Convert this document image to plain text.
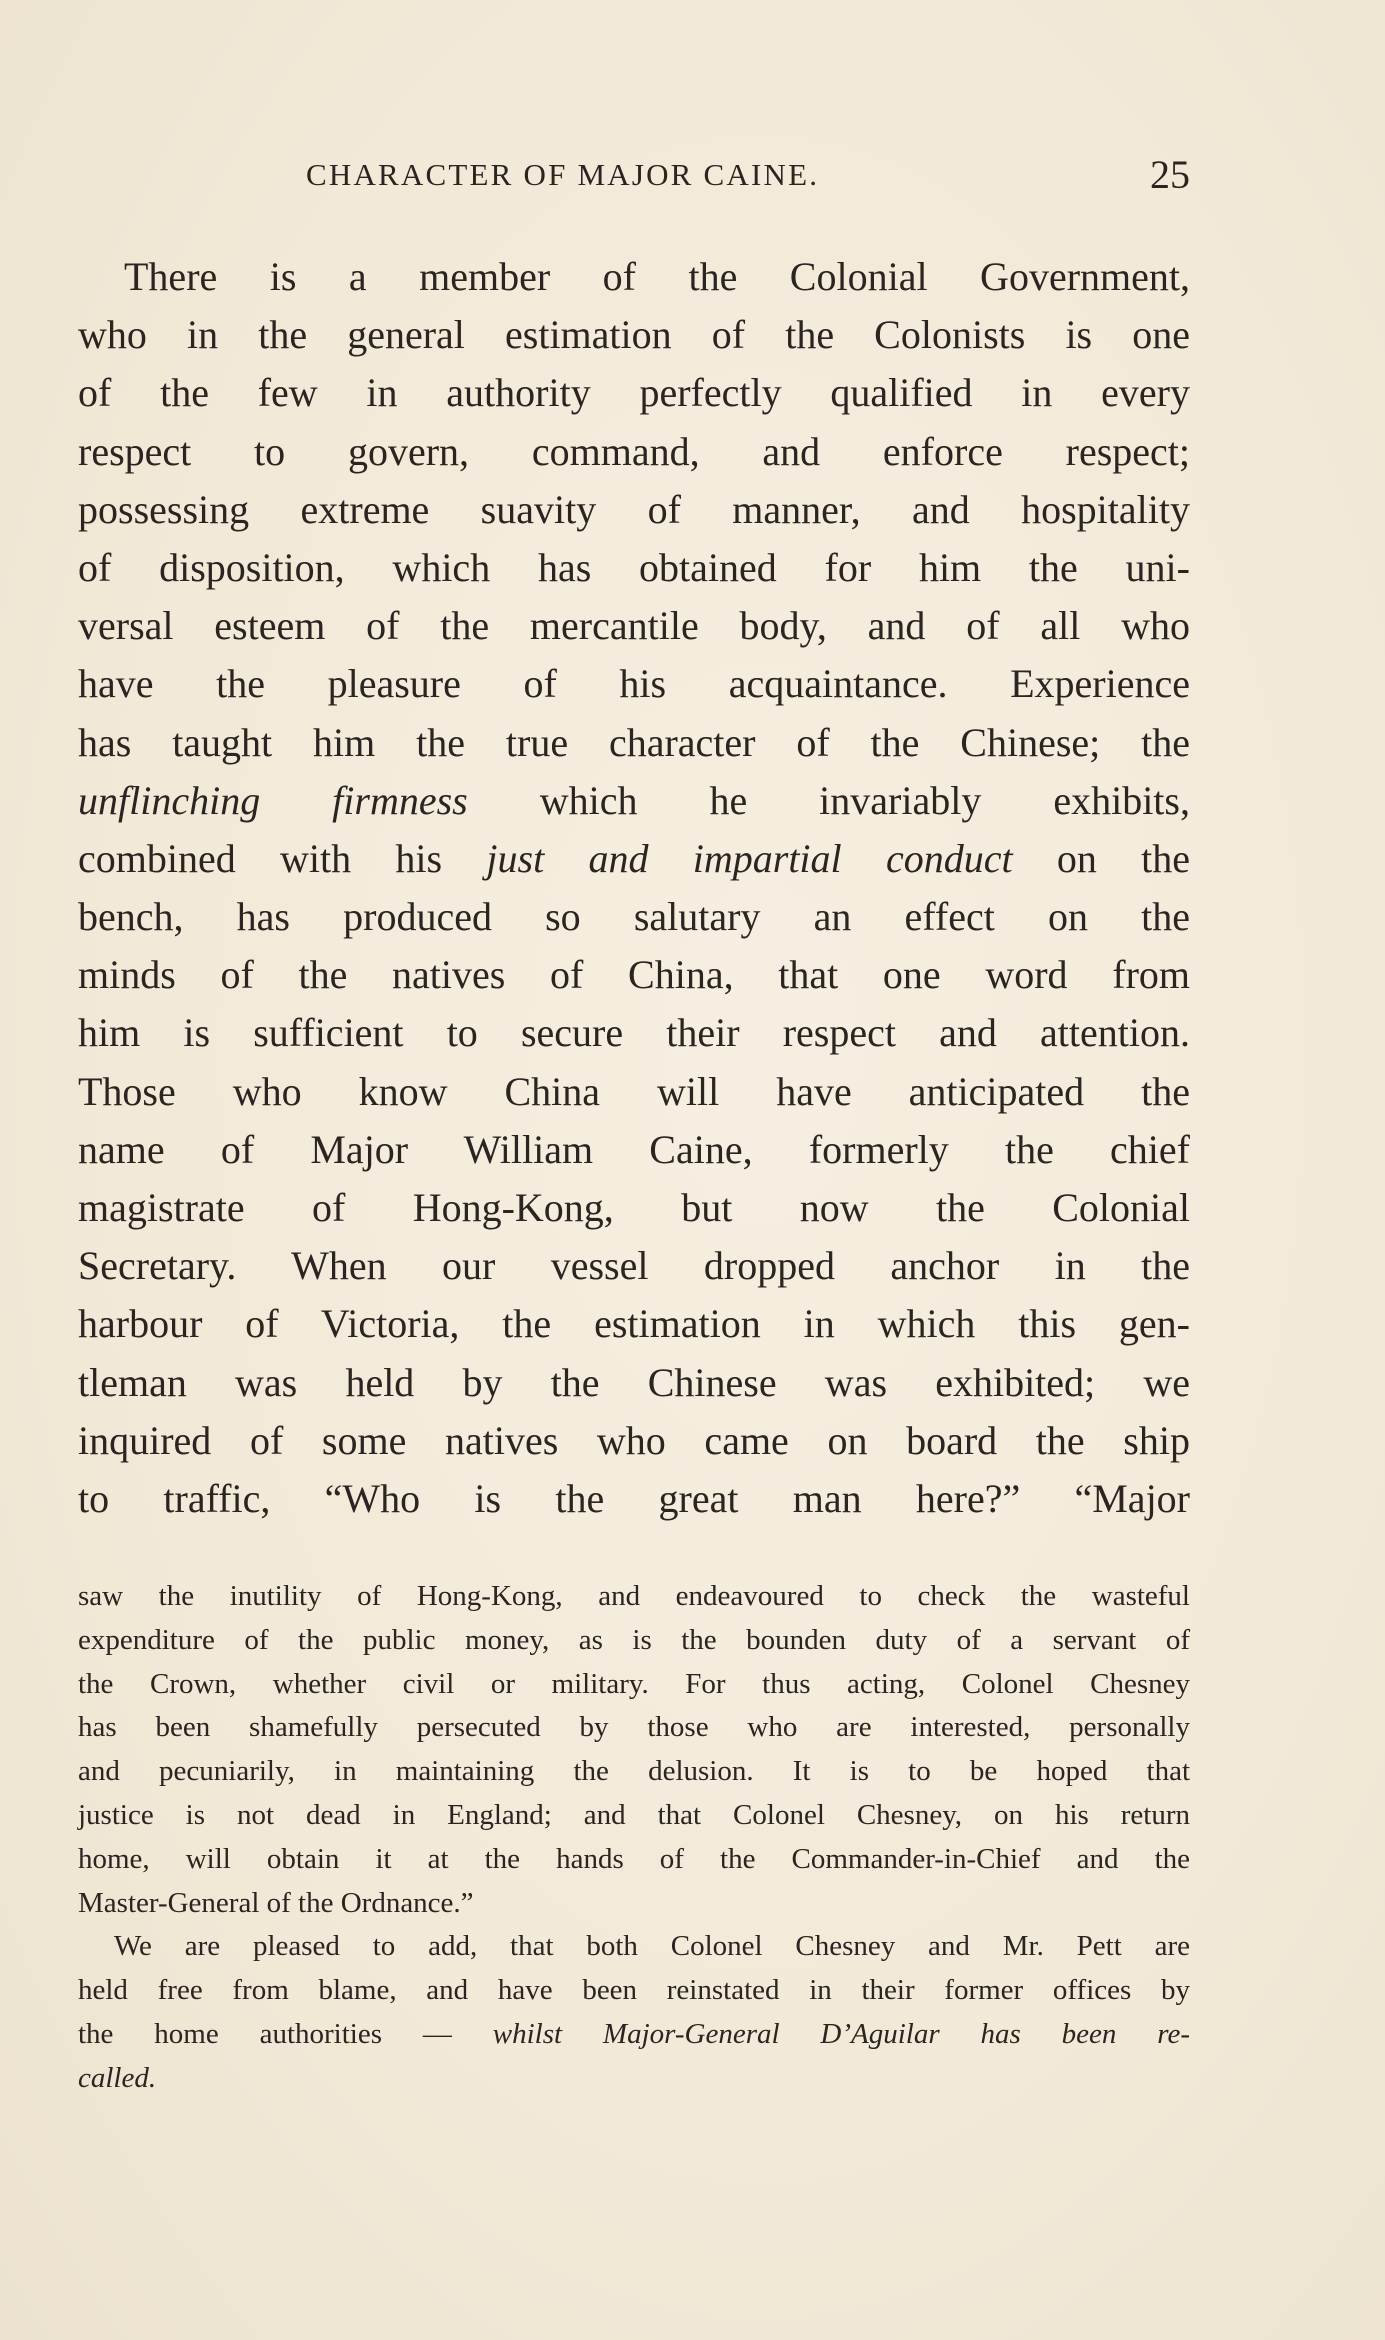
CHARACTER OF MAJOR CAINE.	25
There is a member of the Colonial Government,
who in the general estimation of the Colonists is one
of the few in authority perfectly qualified in every
respect to govern, command, and enforce respect;
possessing extreme suavity of manner, and hospitality
of disposition, which has obtained for him the uni-
versal esteem of the mercantile body, and of all who
have the pleasure of his acquaintance. Experience
has taught him the true character of the Chinese; the
unflinching firmness which he invariably exhibits,
combined with his just and impartial conduct on the
bench, has produced so salutary an effect on the
minds of the natives of China, that one word from
him is sufficient to secure their respect and attention.
Those who know China will have anticipated the
name of Major William Caine, formerly the chief
magistrate of Hong-Kong, but now the Colonial
Secretary. When our vessel dropped anchor in the
harbour of Victoria, the estimation in which this gen-
tleman was held by the Chinese was exhibited; we
inquired of some natives who came on board the ship
to traffic, “Who is the great man here?” “Major
saw the inutility of Hong-Kong, and endeavoured to check the wasteful
expenditure of the public money, as is the bounden duty of a servant of
the Crown, whether civil or military. For thus acting, Colonel Chesney
has been shamefully persecuted by those who are interested, personally
and pecuniarily, in maintaining the delusion. It is to be hoped that
justice is not dead in England; and that Colonel Chesney, on his return
home, will obtain it at the hands of the Commander-in-Chief and the
Master-General of the Ordnance.”
We are pleased to add, that both Colonel Chesney and Mr. Pett are
held free from blame, and have been reinstated in their former offices by
the home authorities — whilst Major-General D’Aguilar has been re-
called.
